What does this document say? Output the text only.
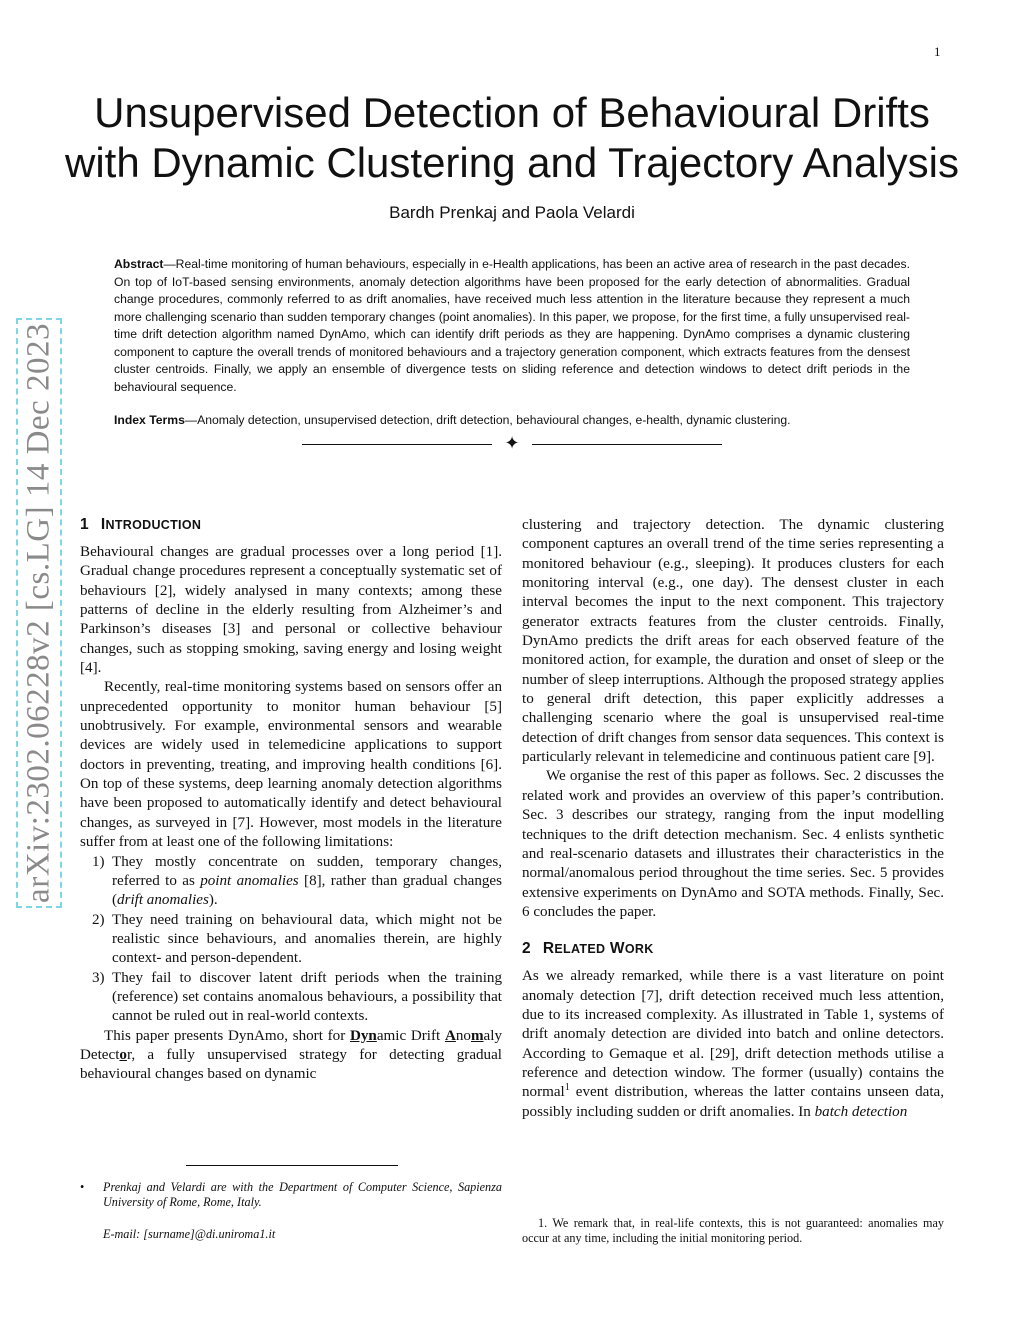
1
arXiv:2302.06228v2 [cs.LG] 14 Dec 2023
Unsupervised Detection of Behavioural Drifts
with Dynamic Clustering and Trajectory Analysis
Bardh Prenkaj and Paola Velardi
Abstract—Real-time monitoring of human behaviours, especially in e-Health applications, has been an active area of research in the past decades. On top of IoT-based sensing environments, anomaly detection algorithms have been proposed for the early detection of abnormalities. Gradual change procedures, commonly referred to as drift anomalies, have received much less attention in the literature because they represent a much more challenging scenario than sudden temporary changes (point anomalies). In this paper, we propose, for the first time, a fully unsupervised real-time drift detection algorithm named DynAmo, which can identify drift periods as they are happening. DynAmo comprises a dynamic clustering component to capture the overall trends of monitored behaviours and a trajectory generation component, which extracts features from the densest cluster centroids. Finally, we apply an ensemble of divergence tests on sliding reference and detection windows to detect drift periods in the behavioural sequence.
Index Terms—Anomaly detection, unsupervised detection, drift detection, behavioural changes, e-health, dynamic clustering.
✦
1 INTRODUCTION

Behavioural changes are gradual processes over a long period [1]. Gradual change procedures represent a conceptually systematic set of behaviours [2], widely analysed in many contexts; among these patterns of decline in the elderly resulting from Alzheimer’s and Parkinson’s diseases [3] and personal or collective behaviour changes, such as stopping smoking, saving energy and losing weight [4].

Recently, real-time monitoring systems based on sensors offer an unprecedented opportunity to monitor human behaviour [5] unobtrusively. For example, environmental sensors and wearable devices are widely used in telemedicine applications to support doctors in preventing, treating, and improving health conditions [6]. On top of these systems, deep learning anomaly detection algorithms have been proposed to automatically identify and detect behavioural changes, as surveyed in [7]. However, most models in the literature suffer from at least one of the following limitations:

1) They mostly concentrate on sudden, temporary changes, referred to as point anomalies [8], rather than gradual changes (drift anomalies).
2) They need training on behavioural data, which might not be realistic since behaviours, and anomalies therein, are highly context- and person-dependent.
3) They fail to discover latent drift periods when the training (reference) set contains anomalous behaviours, a possibility that cannot be ruled out in real-world contexts.

This paper presents DynAmo, short for Dynamic Drift Anomaly Detector, a fully unsupervised strategy for detecting gradual behavioural changes based on dynamic

• Prenkaj and Velardi are with the Department of Computer Science, Sapienza University of Rome, Rome, Italy.
E-mail: [surname]@di.uniroma1.it

clustering and trajectory detection. The dynamic clustering component captures an overall trend of the time series representing a monitored behaviour (e.g., sleeping). It produces clusters for each monitoring interval (e.g., one day). The densest cluster in each interval becomes the input to the next component. This trajectory generator extracts features from the cluster centroids. Finally, DynAmo predicts the drift areas for each observed feature of the monitored action, for example, the duration and onset of sleep or the number of sleep interruptions. Although the proposed strategy applies to general drift detection, this paper explicitly addresses a challenging scenario where the goal is unsupervised real-time detection of drift changes from sensor data sequences. This context is particularly relevant in telemedicine and continuous patient care [9].

We organise the rest of this paper as follows. Sec. 2 discusses the related work and provides an overview of this paper’s contribution. Sec. 3 describes our strategy, ranging from the input modelling techniques to the drift detection mechanism. Sec. 4 enlists synthetic and real-scenario datasets and illustrates their characteristics in the normal/anomalous period throughout the time series. Sec. 5 provides extensive experiments on DynAmo and SOTA methods. Finally, Sec. 6 concludes the paper.

2 RELATED WORK

As we already remarked, while there is a vast literature on point anomaly detection [7], drift detection received much less attention, due to its increased complexity. As illustrated in Table 1, systems of drift anomaly detection are divided into batch and online detectors. According to Gemaque et al. [29], drift detection methods utilise a reference and detection window. The former (usually) contains the normal$^1$ event distribution, whereas the latter contains unseen data, possibly including sudden or drift anomalies. In batch detection

1. We remark that, in real-life contexts, this is not guaranteed: anomalies may occur at any time, including the initial monitoring period.
